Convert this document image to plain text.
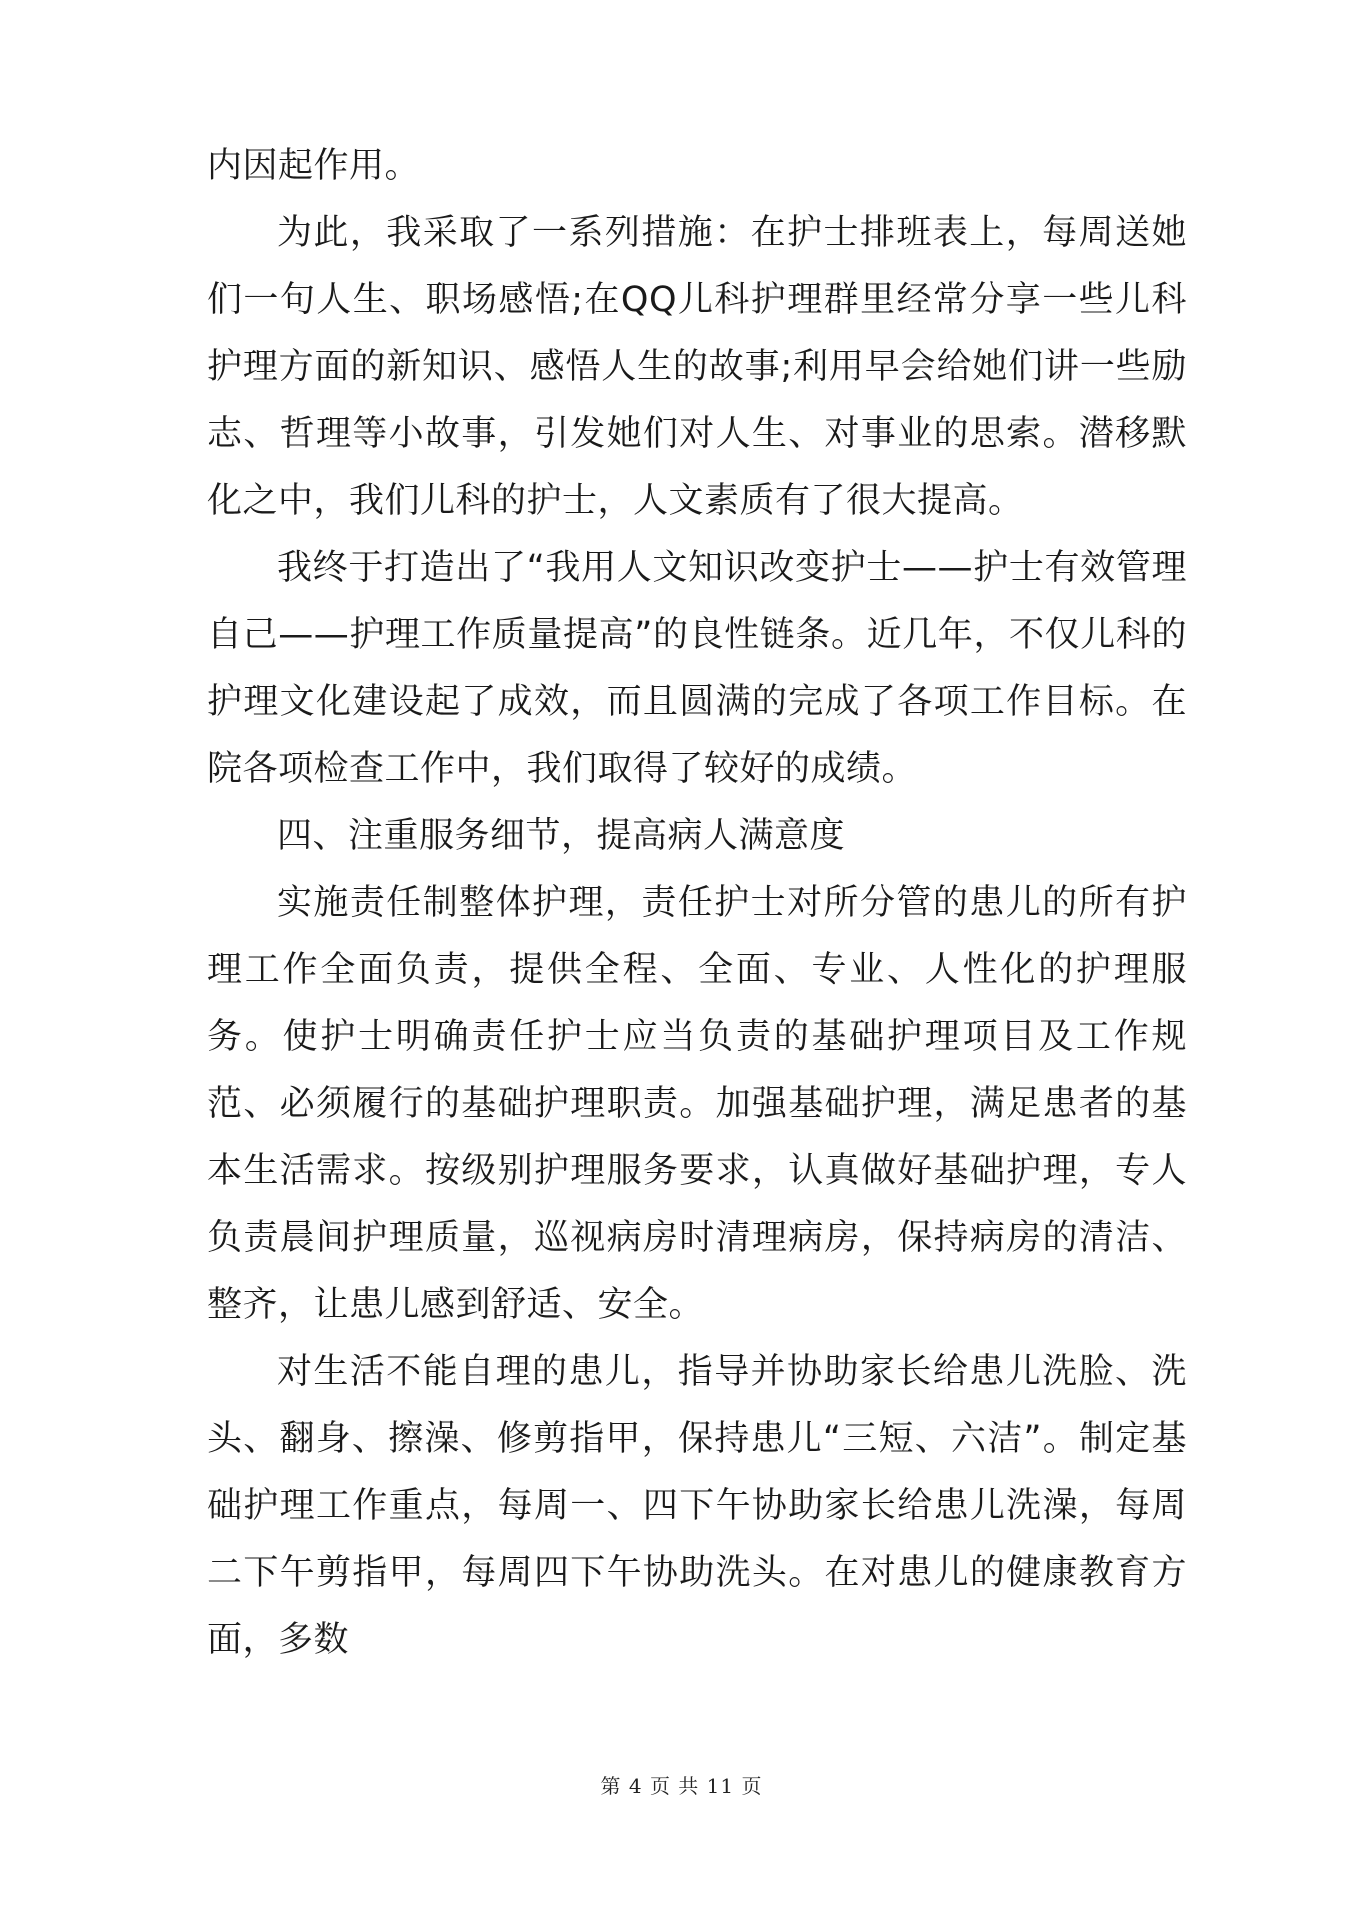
内因起作用。

为此，我采取了一系列措施：在护士排班表上，每周送她们一句人生、职场感悟;在QQ儿科护理群里经常分享一些儿科护理方面的新知识、感悟人生的故事;利用早会给她们讲一些励志、哲理等小故事，引发她们对人生、对事业的思索。潜移默化之中，我们儿科的护士，人文素质有了很大提高。

我终于打造出了“我用人文知识改变护士——护士有效管理自己——护理工作质量提高”的良性链条。近几年，不仅儿科的护理文化建设起了成效，而且圆满的完成了各项工作目标。在院各项检查工作中，我们取得了较好的成绩。

四、注重服务细节，提高病人满意度

实施责任制整体护理，责任护士对所分管的患儿的所有护理工作全面负责，提供全程、全面、专业、人性化的护理服务。使护士明确责任护士应当负责的基础护理项目及工作规范、必须履行的基础护理职责。加强基础护理，满足患者的基本生活需求。按级别护理服务要求，认真做好基础护理，专人负责晨间护理质量，巡视病房时清理病房，保持病房的清洁、整齐，让患儿感到舒适、安全。

对生活不能自理的患儿，指导并协助家长给患儿洗脸、洗头、翻身、擦澡、修剪指甲，保持患儿“三短、六洁”。制定基础护理工作重点，每周一、四下午协助家长给患儿洗澡，每周二下午剪指甲，每周四下午协助洗头。在对患儿的健康教育方面，多数

第 4 页 共 11 页
